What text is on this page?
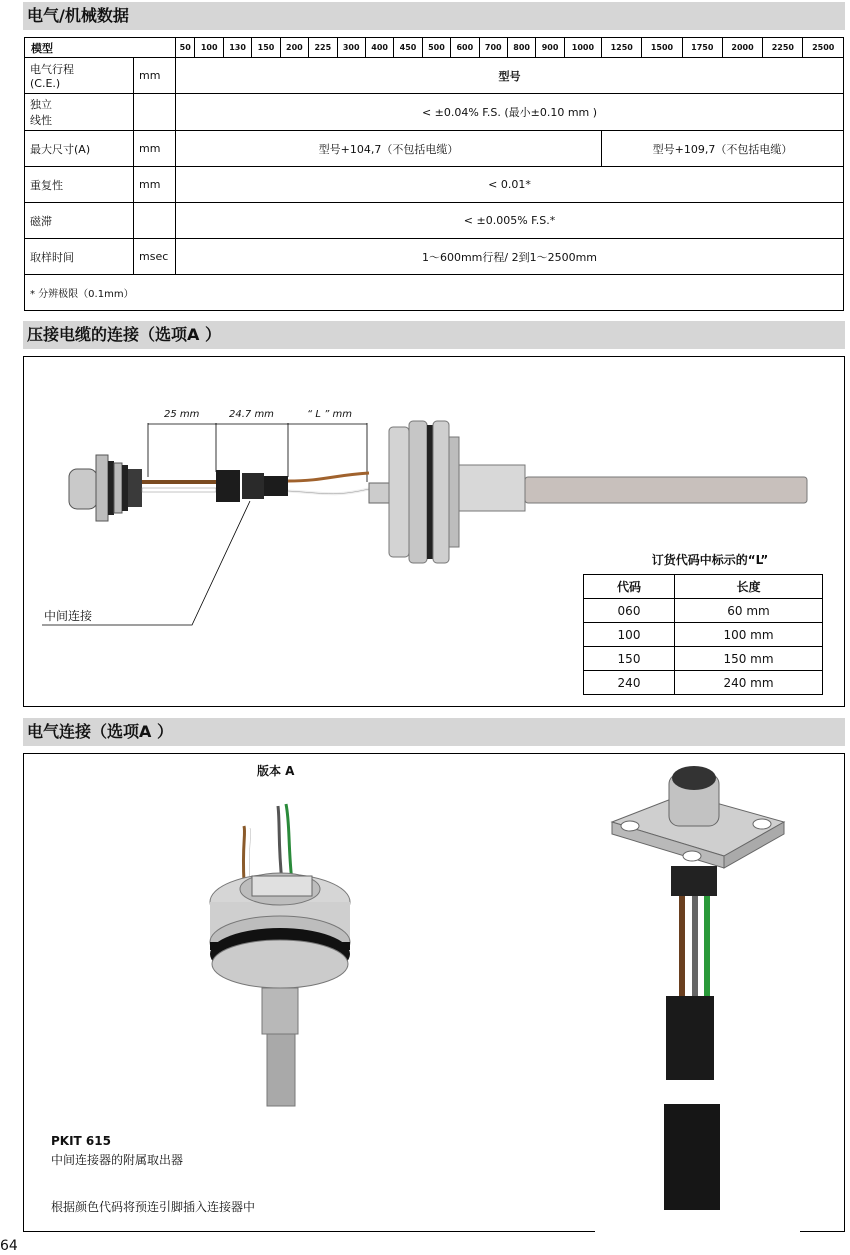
电气/机械数据
模型		50	100	130	150	200	225	300	400	450	500	600	700	800	900	1000	1250	1500	1750	2000	2250	2500
电气行程
(C.E.)	mm	型号																				
独立
线性		< ±0.04% F.S. (最小±0.10 mm )																				
最大尺寸(A)	mm	型号+104,7（不包括电缆）															型号+109,7（不包括电缆）					
重复性	mm	< 0.01*																				
磁滞		< ±0.005% F.S.*																				
取样时间	msec	1～600mm行程/ 2到1～2500mm																				
* 分辨极限（0.1mm）																						
压接电缆的连接（选项A ）
25 mm	24.7 mm	“ L ” mm
中间连接
订货代码中标示的“L”
代码	长度
060	60 mm
100	100 mm
150	150 mm
240	240 mm
电气连接（选项A ）
版本 A
PKIT 615
中间连接器的附属取出器
根据颜色代码将预连引脚插入连接器中
64
